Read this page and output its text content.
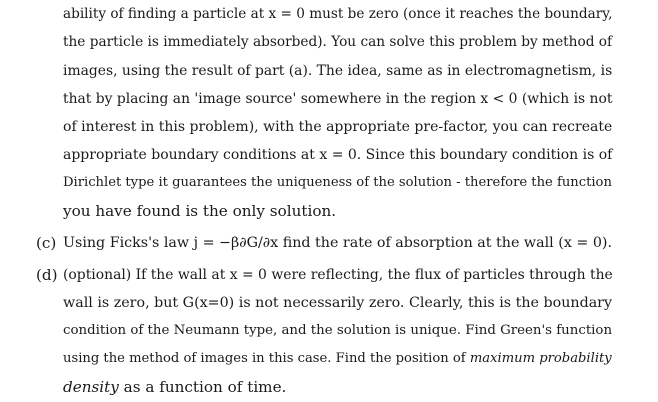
ability of finding a particle at x = 0 must be zero (once it reaches the boundary,
the particle is immediately absorbed). You can solve this problem by method of
images, using the result of part (a). The idea, same as in electromagnetism, is
that by placing an 'image source' somewhere in the region x < 0 (which is not
of interest in this problem), with the appropriate pre-factor, you can recreate
appropriate boundary conditions at x = 0. Since this boundary condition is of
Dirichlet type it guarantees the uniqueness of the solution - therefore the function
you have found is the only solution.
(c) Using Ficks's law j = −β∂G/∂x find the rate of absorption at the wall (x = 0).
(d) (optional) If the wall at x = 0 were reflecting, the flux of particles through the
wall is zero, but G(x=0) is not necessarily zero. Clearly, this is the boundary
condition of the Neumann type, and the solution is unique. Find Green's function
using the method of images in this case. Find the position of maximum probability
density as a function of time.
